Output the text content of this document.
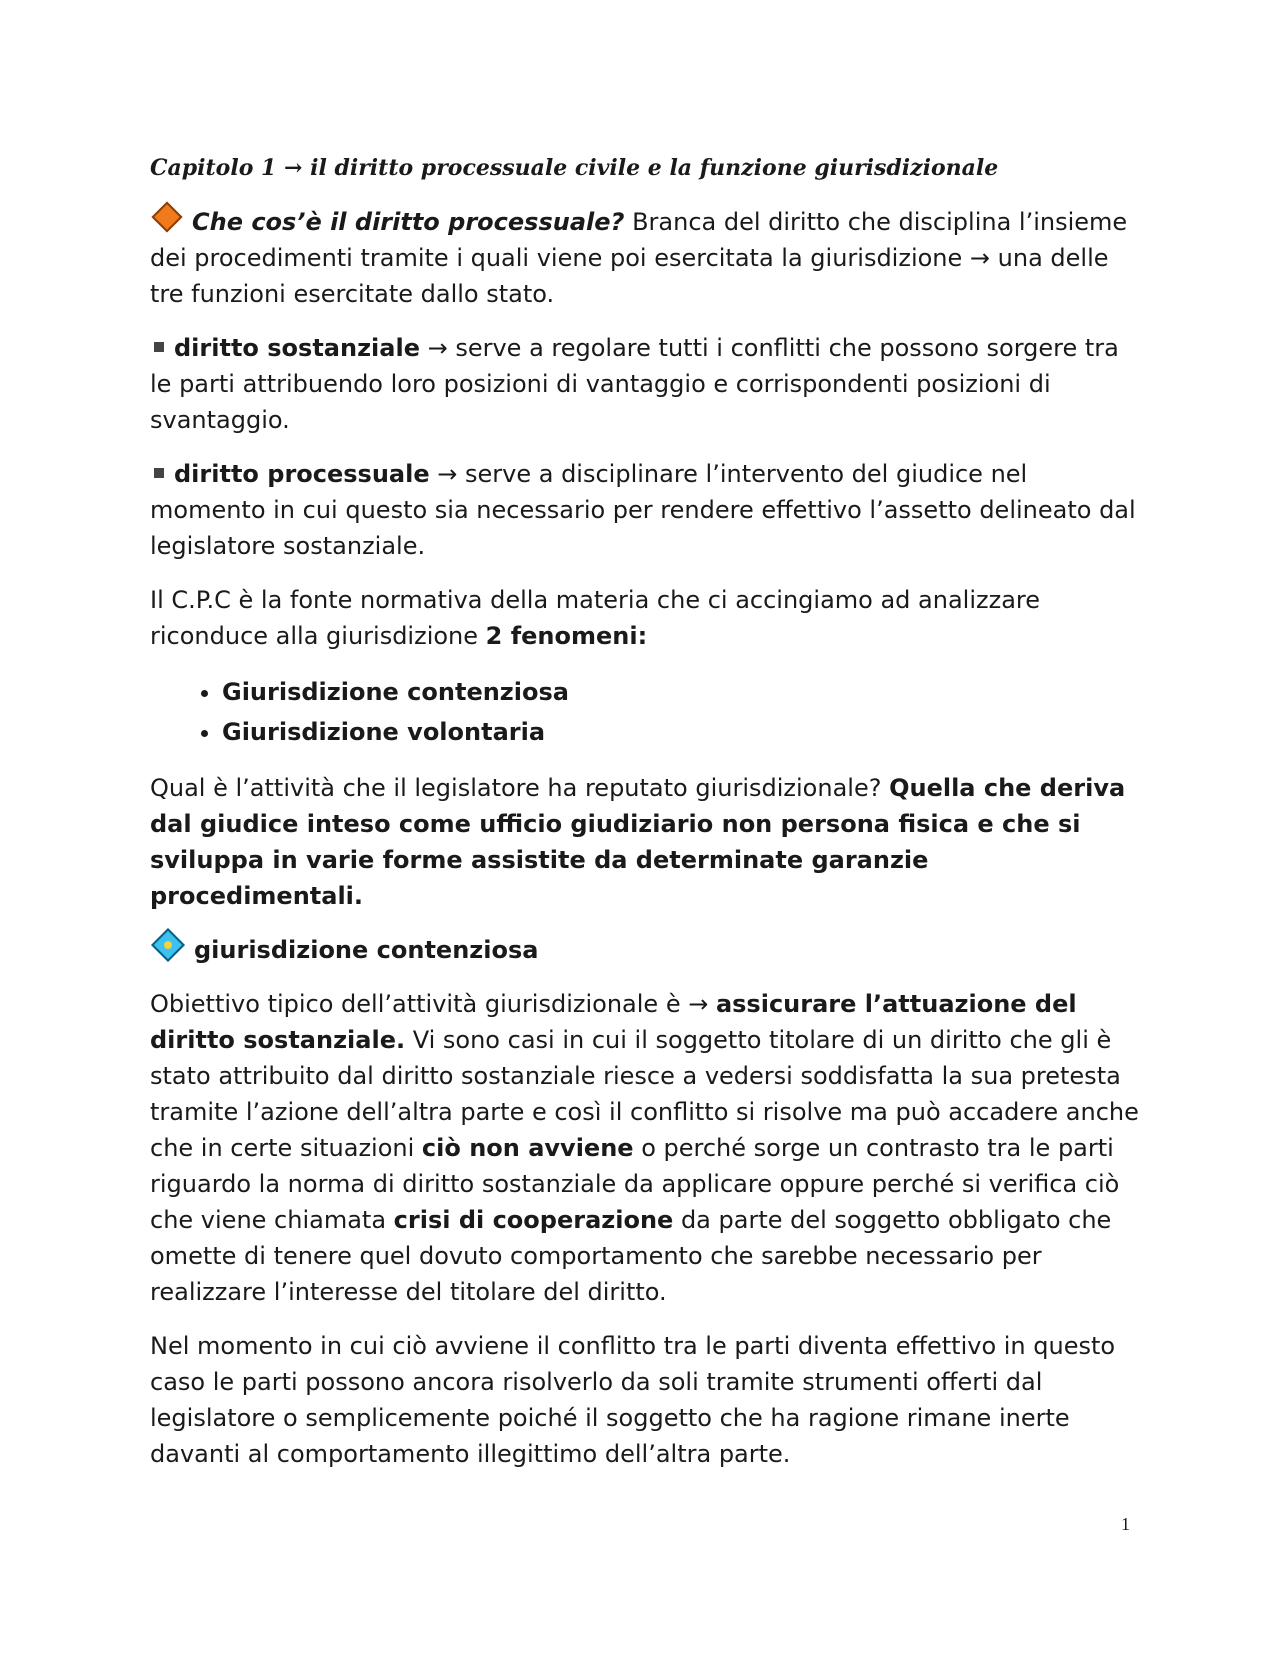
Capitolo 1 → il diritto processuale civile e la funzione giurisdizionale

Che cos’è il diritto processuale? Branca del diritto che disciplina l’insieme dei procedimenti tramite i quali viene poi esercitata la giurisdizione → una delle tre funzioni esercitate dallo stato.

diritto sostanziale → serve a regolare tutti i conflitti che possono sorgere tra le parti attribuendo loro posizioni di vantaggio e corrispondenti posizioni di svantaggio.

diritto processuale → serve a disciplinare l’intervento del giudice nel momento in cui questo sia necessario per rendere effettivo l’assetto delineato dal legislatore sostanziale.

Il C.P.C è la fonte normativa della materia che ci accingiamo ad analizzare riconduce alla giurisdizione 2 fenomeni:

• Giurisdizione contenziosa
• Giurisdizione volontaria

Qual è l’attività che il legislatore ha reputato giurisdizionale? Quella che deriva dal giudice inteso come ufficio giudiziario non persona fisica e che si sviluppa in varie forme assistite da determinate garanzie procedimentali.

giurisdizione contenziosa

Obiettivo tipico dell’attività giurisdizionale è → assicurare l’attuazione del diritto sostanziale. Vi sono casi in cui il soggetto titolare di un diritto che gli è stato attribuito dal diritto sostanziale riesce a vedersi soddisfatta la sua pretesta tramite l’azione dell’altra parte e così il conflitto si risolve ma può accadere anche che in certe situazioni ciò non avviene o perché sorge un contrasto tra le parti riguardo la norma di diritto sostanziale da applicare oppure perché si verifica ciò che viene chiamata crisi di cooperazione da parte del soggetto obbligato che omette di tenere quel dovuto comportamento che sarebbe necessario per realizzare l’interesse del titolare del diritto.

Nel momento in cui ciò avviene il conflitto tra le parti diventa effettivo in questo caso le parti possono ancora risolverlo da soli tramite strumenti offerti dal legislatore o semplicemente poiché il soggetto che ha ragione rimane inerte davanti al comportamento illegittimo dell’altra parte.

1
